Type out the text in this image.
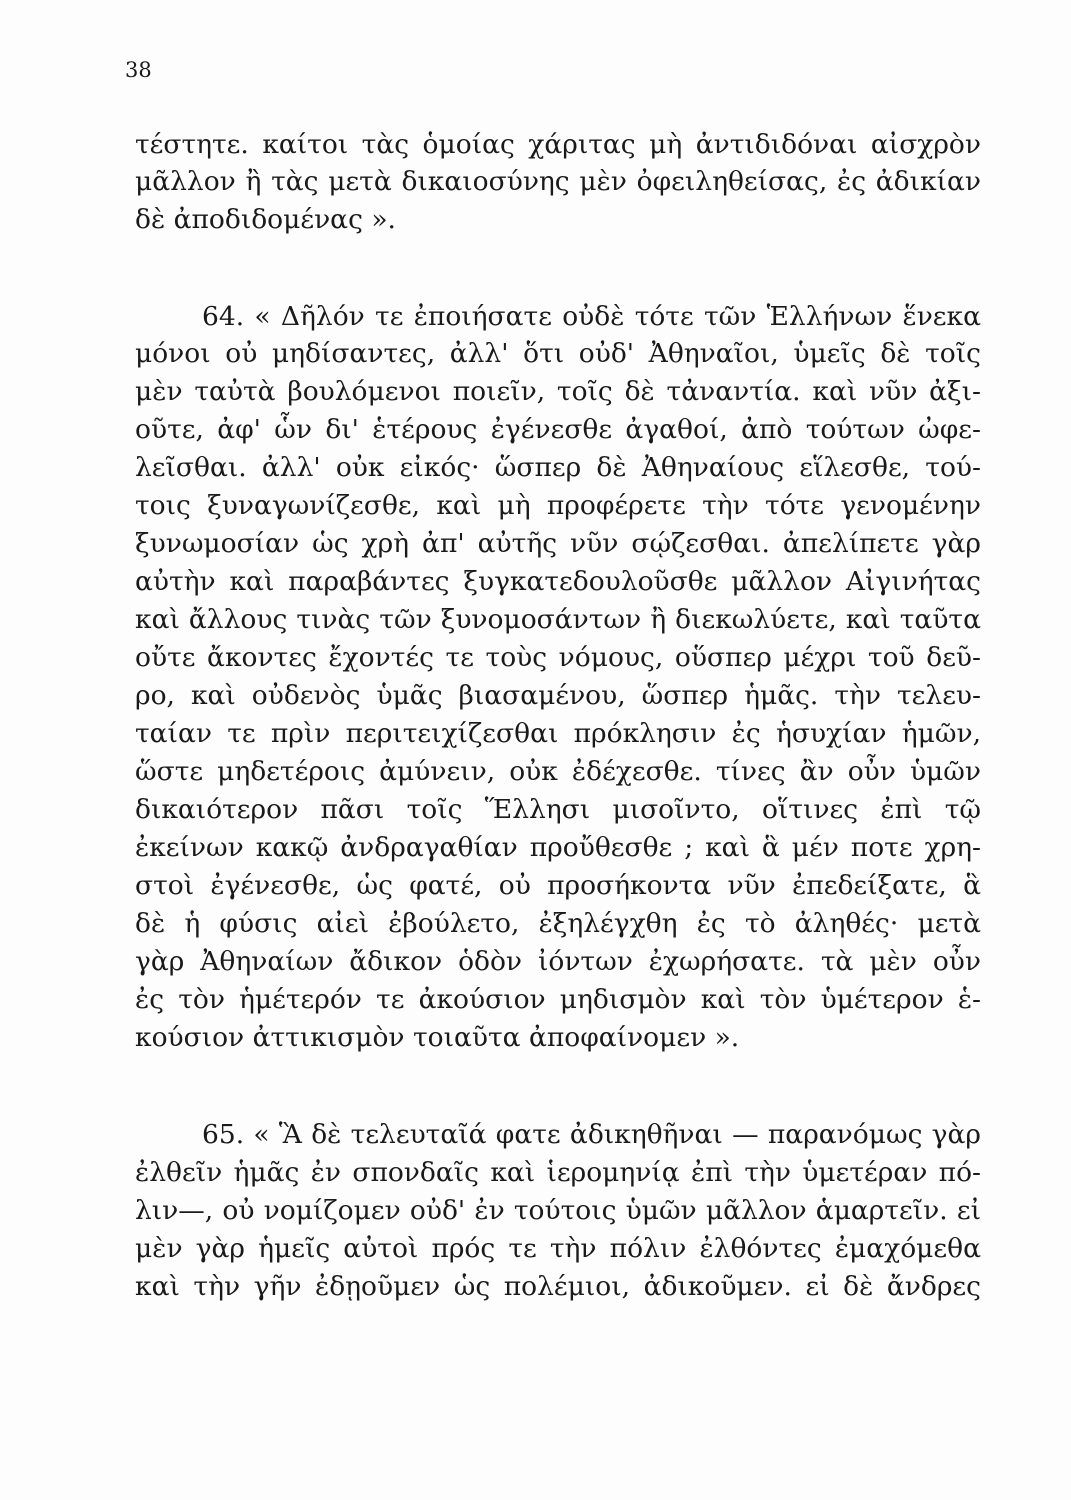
38
τέστητε. καίτοι τὰς ὁμοίας χάριτας μὴ ἀντιδιδόναι αἰσχρὸν
μᾶλλον ἢ τὰς μετὰ δικαιοσύνης μὲν ὀφειληθείσας, ἐς ἀδικίαν
δὲ ἀποδιδομένας ».
64. « Δῆλόν τε ἐποιήσατε οὐδὲ τότε τῶν Ἑλλήνων ἕνεκα
μόνοι οὐ μηδίσαντες, ἀλλ' ὅτι οὐδ' Ἀθηναῖοι, ὑμεῖς δὲ τοῖς
μὲν ταὐτὰ βουλόμενοι ποιεῖν, τοῖς δὲ τἀναντία. καὶ νῦν ἀξι-
οῦτε, ἀφ' ὧν δι' ἑτέρους ἐγένεσθε ἀγαθοί, ἀπὸ τούτων ὠφε-
λεῖσθαι. ἀλλ' οὐκ εἰκός· ὥσπερ δὲ Ἀθηναίους εἵλεσθε, τού-
τοις ξυναγωνίζεσθε, καὶ μὴ προφέρετε τὴν τότε γενομένην
ξυνωμοσίαν ὡς χρὴ ἀπ' αὐτῆς νῦν σῴζεσθαι. ἀπελίπετε γὰρ
αὐτὴν καὶ παραβάντες ξυγκατεδουλοῦσθε μᾶλλον Αἰγινήτας
καὶ ἄλλους τινὰς τῶν ξυνομοσάντων ἢ διεκωλύετε, καὶ ταῦτα
οὔτε ἄκοντες ἔχοντές τε τοὺς νόμους, οὕσπερ μέχρι τοῦ δεῦ-
ρο, καὶ οὐδενὸς ὑμᾶς βιασαμένου, ὥσπερ ἡμᾶς. τὴν τελευ-
ταίαν τε πρὶν περιτειχίζεσθαι πρόκλησιν ἐς ἡσυχίαν ἡμῶν,
ὥστε μηδετέροις ἀμύνειν, οὐκ ἐδέχεσθε. τίνες ἂν οὖν ὑμῶν
δικαιότερον πᾶσι τοῖς Ἕλλησι μισοῖντο, οἵτινες ἐπὶ τῷ
ἐκείνων κακῷ ἀνδραγαθίαν προὔθεσθε ; καὶ ἃ μέν ποτε χρη-
στοὶ ἐγένεσθε, ὡς φατέ, οὐ προσήκοντα νῦν ἐπεδείξατε, ἃ
δὲ ἡ φύσις αἰεὶ ἐβούλετο, ἐξηλέγχθη ἐς τὸ ἀληθές· μετὰ
γὰρ Ἀθηναίων ἄδικον ὁδὸν ἰόντων ἐχωρήσατε. τὰ μὲν οὖν
ἐς τὸν ἡμέτερόν τε ἀκούσιον μηδισμὸν καὶ τὸν ὑμέτερον ἑ-
κούσιον ἀττικισμὸν τοιαῦτα ἀποφαίνομεν ».
65. « Ἃ δὲ τελευταῖά φατε ἀδικηθῆναι — παρανόμως γὰρ
ἐλθεῖν ἡμᾶς ἐν σπονδαῖς καὶ ἱερομηνίᾳ ἐπὶ τὴν ὑμετέραν πό-
λιν—, οὐ νομίζομεν οὐδ' ἐν τούτοις ὑμῶν μᾶλλον ἁμαρτεῖν. εἰ
μὲν γὰρ ἡμεῖς αὐτοὶ πρός τε τὴν πόλιν ἐλθόντες ἐμαχόμεθα
καὶ τὴν γῆν ἐδῃοῦμεν ὡς πολέμιοι, ἀδικοῦμεν. εἰ δὲ ἄνδρες
